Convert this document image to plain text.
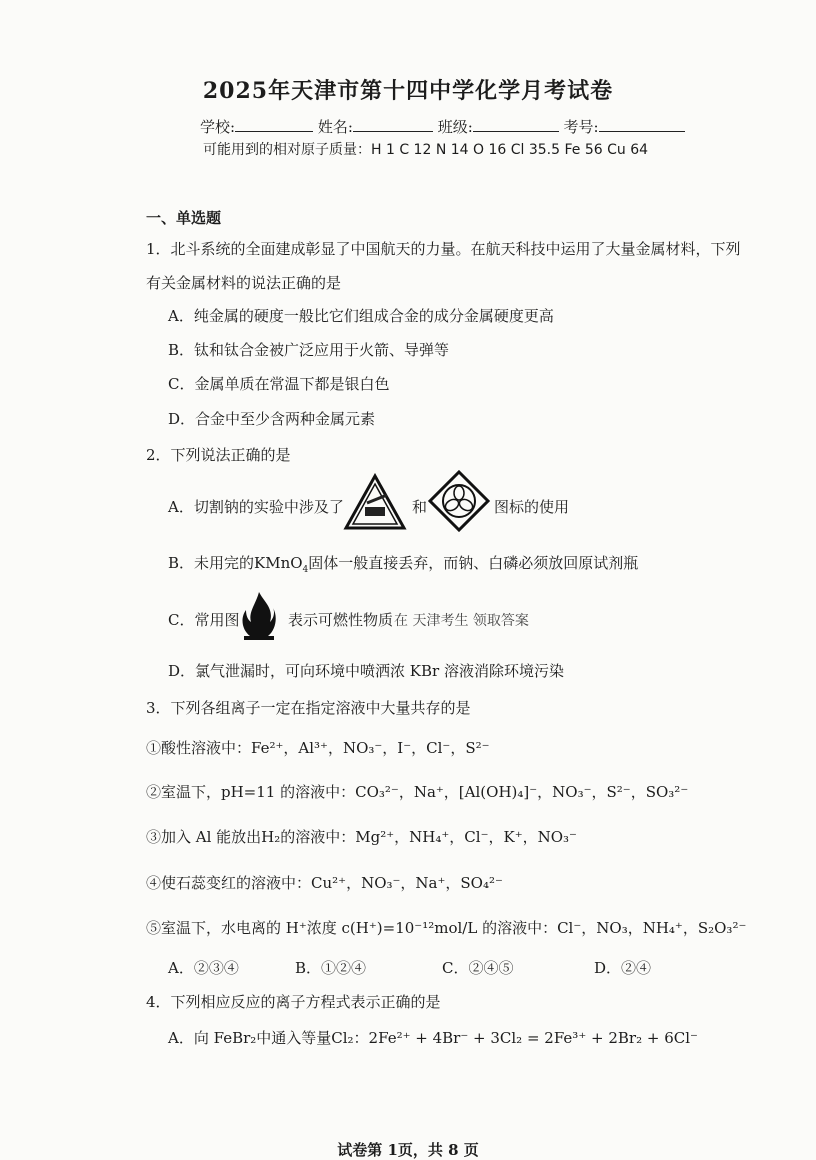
2025年天津市第十四中学化学月考试卷
学校:	姓名:	班级:	考号:
可能用到的相对原子质量：H 1 C 12 N 14 O 16 Cl 35.5 Fe 56 Cu 64
一、单选题
1．北斗系统的全面建成彰显了中国航天的力量。在航天科技中运用了大量金属材料，下列
有关金属材料的说法正确的是
A．纯金属的硬度一般比它们组成合金的成分金属硬度更高
B．钛和钛合金被广泛应用于火箭、导弹等
C．金属单质在常温下都是银白色
D．合金中至少含两种金属元素
2．下列说法正确的是
A．切割钠的实验中涉及了	和	图标的使用
B．未用完的KMnO$_4$固体一般直接丢弃，而钠、白磷必须放回原试剂瓶
C．常用图	表示可燃性物质 在 天津考生 领取答案
D．氯气泄漏时，可向环境中喷洒浓 KBr 溶液消除环境污染
3．下列各组离子一定在指定溶液中大量共存的是
①酸性溶液中：Fe²⁺，Al³⁺，NO₃⁻，I⁻，Cl⁻，S²⁻
②室温下，pH=11 的溶液中：CO₃²⁻，Na⁺，[Al(OH)₄]⁻，NO₃⁻，S²⁻，SO₃²⁻
③加入 Al 能放出H₂的溶液中：Mg²⁺，NH₄⁺，Cl⁻，K⁺，NO₃⁻
④使石蕊变红的溶液中：Cu²⁺，NO₃⁻，Na⁺，SO₄²⁻
⑤室温下，水电离的 H⁺浓度 c(H⁺)=10⁻¹²mol/L 的溶液中：Cl⁻，NO₃，NH₄⁺，S₂O₃²⁻
A．②③④	B．①②④	C．②④⑤	D．②④
4．下列相应反应的离子方程式表示正确的是
A．向 FeBr₂中通入等量Cl₂：2Fe²⁺ + 4Br⁻ + 3Cl₂ = 2Fe³⁺ + 2Br₂ + 6Cl⁻
试卷第 1页，共 8 页
